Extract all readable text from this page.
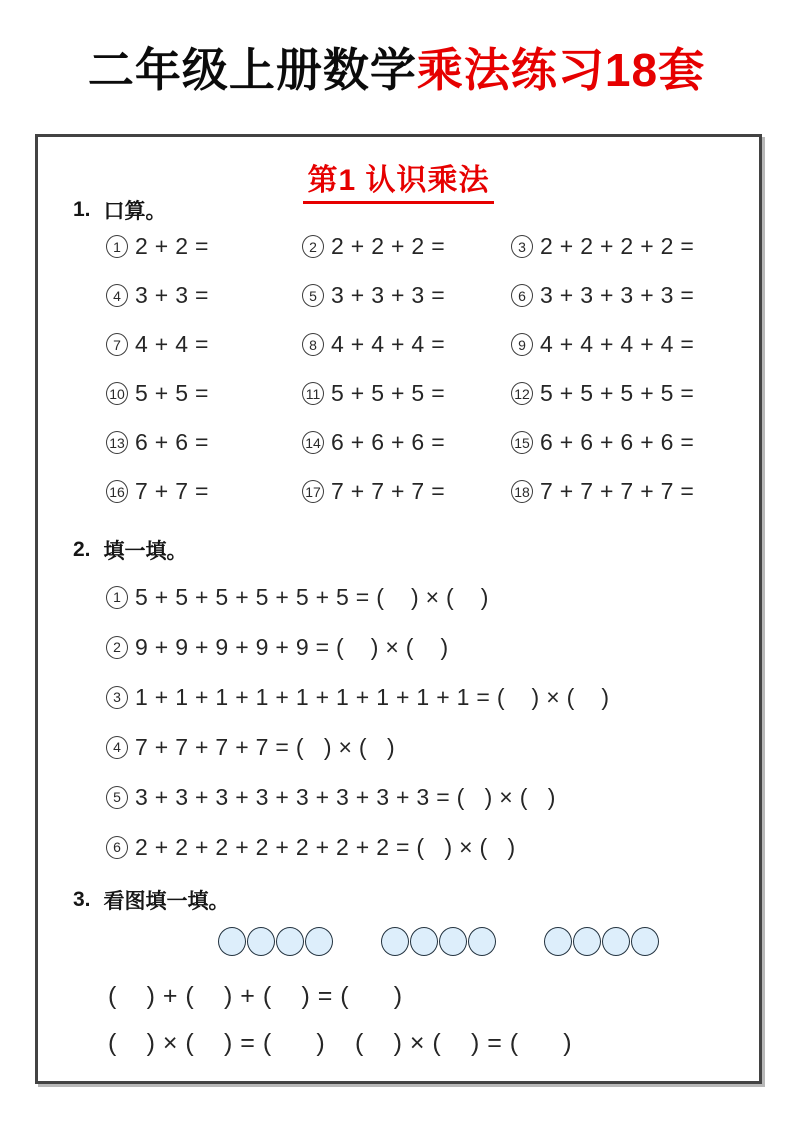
二年级上册数学乘法练习18套
第1 认识乘法
1. 口算。
1 2 + 2 =	2 2 + 2 + 2 =	3 2 + 2 + 2 + 2 =
4 3 + 3 =	5 3 + 3 + 3 =	6 3 + 3 + 3 + 3 =
7 4 + 4 =	8 4 + 4 + 4 =	9 4 + 4 + 4 + 4 =
10 5 + 5 =	11 5 + 5 + 5 =	12 5 + 5 + 5 + 5 =
13 6 + 6 =	14 6 + 6 + 6 =	15 6 + 6 + 6 + 6 =
16 7 + 7 =	17 7 + 7 + 7 =	18 7 + 7 + 7 + 7 =
2. 填一填。
1 5 + 5 + 5 + 5 + 5 + 5 = (    ) × (    )
2 9 + 9 + 9 + 9 + 9 = (    ) × (    )
3 1 + 1 + 1 + 1 + 1 + 1 + 1 + 1 + 1 = (    ) × (    )
4 7 + 7 + 7 + 7 = (   ) × (   )
5 3 + 3 + 3 + 3 + 3 + 3 + 3 + 3 = (   ) × (   )
6 2 + 2 + 2 + 2 + 2 + 2 + 2 = (   ) × (   )
3. 看图填一填。
(    ) + (    ) + (    ) = (      )
(    ) × (    ) = (      )    (    ) × (    ) = (      )
